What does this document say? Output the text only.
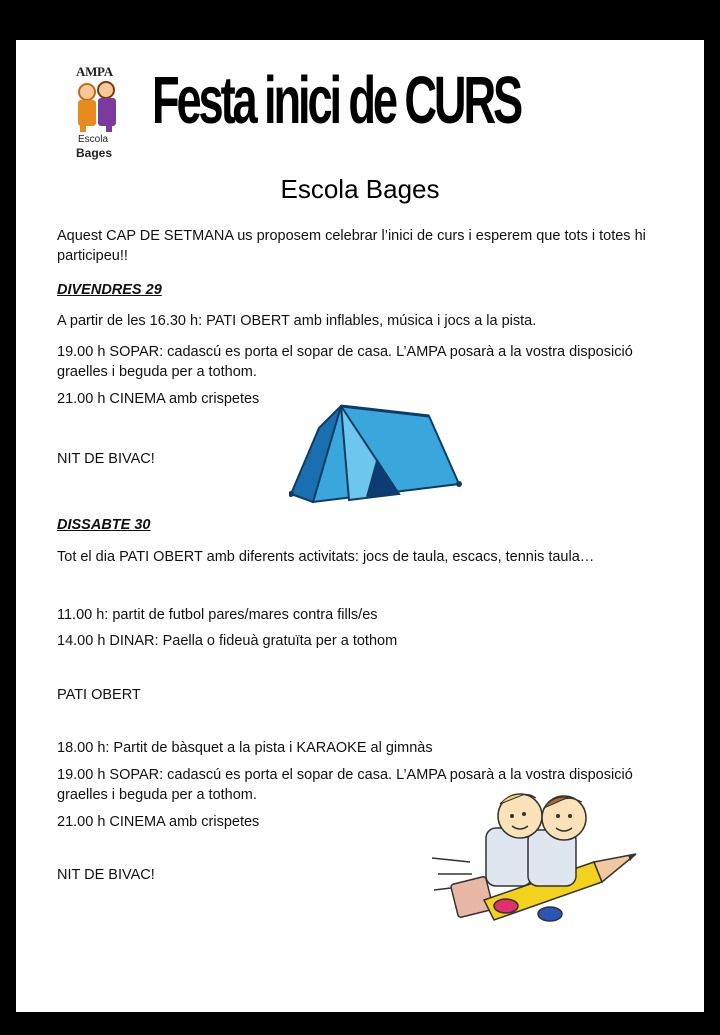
AMPA
Escola
Bages
Festa inici de CURS
Escola Bages
Aquest CAP DE SETMANA us proposem celebrar l’inici de curs i esperem que tots i totes hi participeu!!
DIVENDRES 29
A partir de les 16.30 h: PATI OBERT amb inflables, música i jocs a la pista.
19.00 h SOPAR: cadascú es porta el sopar de casa. L’AMPA posarà a la vostra disposició graelles i beguda per a tothom.
21.00 h CINEMA amb crispetes
NIT DE BIVAC!
DISSABTE 30
Tot el dia PATI OBERT amb diferents activitats: jocs de taula, escacs, tennis taula…
11.00 h: partit de futbol pares/mares contra fills/es
14.00 h DINAR: Paella o fideuà gratuïta per a tothom
PATI OBERT
18.00 h: Partit de bàsquet a la pista i KARAOKE al gimnàs
19.00 h SOPAR: cadascú es porta el sopar de casa. L’AMPA posarà a la vostra disposició graelles i beguda per a tothom.
21.00 h CINEMA amb crispetes
NIT DE BIVAC!
